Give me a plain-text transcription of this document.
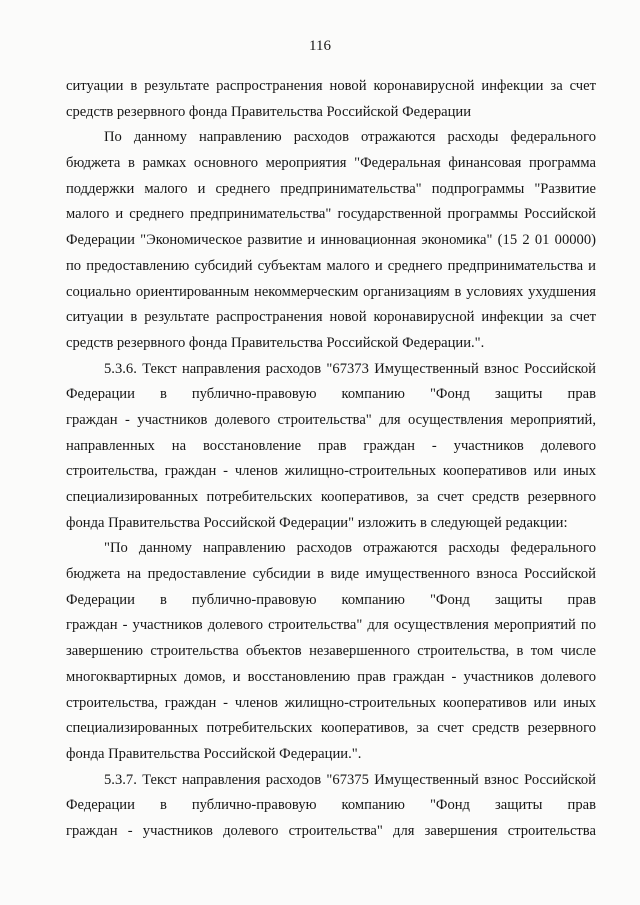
116
ситуации в результате распространения новой коронавирусной инфекции за счет
средств резервного фонда Правительства Российской Федерации
По данному направлению расходов отражаются расходы федерального
бюджета в рамках основного мероприятия "Федеральная финансовая программа
поддержки малого и среднего предпринимательства" подпрограммы "Развитие
малого и среднего предпринимательства" государственной программы Российской
Федерации "Экономическое развитие и инновационная экономика" (15 2 01 00000)
по предоставлению субсидий субъектам малого и среднего предпринимательства и
социально ориентированным некоммерческим организациям в условиях ухудшения
ситуации в результате распространения новой коронавирусной инфекции за счет
средств резервного фонда Правительства Российской Федерации.".
5.3.6. Текст направления расходов "67373 Имущественный взнос Российской
Федерации в публично-правовую компанию "Фонд защиты прав
граждан - участников долевого строительства" для осуществления мероприятий,
направленных на восстановление прав граждан - участников долевого
строительства, граждан - членов жилищно-строительных кооперативов или иных
специализированных потребительских кооперативов, за счет средств резервного
фонда Правительства Российской Федерации" изложить в следующей редакции:
"По данному направлению расходов отражаются расходы федерального
бюджета на предоставление субсидии в виде имущественного взноса Российской
Федерации в публично-правовую компанию "Фонд защиты прав
граждан - участников долевого строительства" для осуществления мероприятий по
завершению строительства объектов незавершенного строительства, в том числе
многоквартирных домов, и восстановлению прав граждан - участников долевого
строительства, граждан - членов жилищно-строительных кооперативов или иных
специализированных потребительских кооперативов, за счет средств резервного
фонда Правительства Российской Федерации.".
5.3.7. Текст направления расходов "67375 Имущественный взнос Российской
Федерации в публично-правовую компанию "Фонд защиты прав
граждан - участников долевого строительства" для завершения строительства
